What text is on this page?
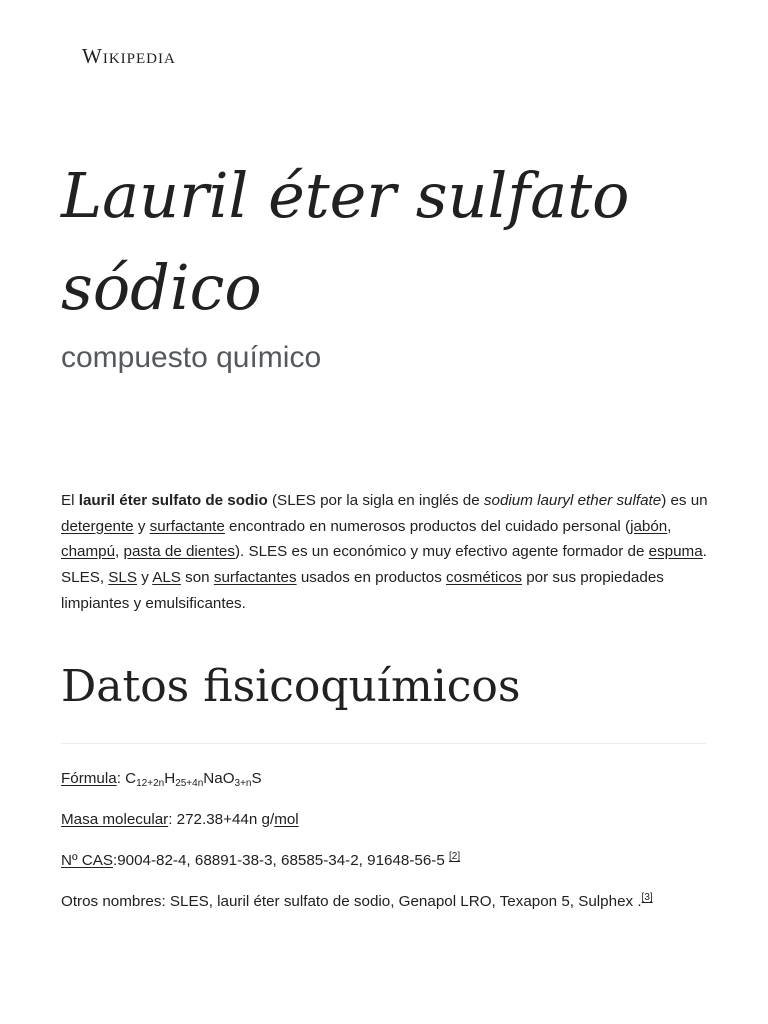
Wikipedia
Lauril éter sulfato
sódico
compuesto químico

El lauril éter sulfato de sodio (SLES por la sigla en inglés de sodium lauryl ether sulfate) es un detergente y surfactante encontrado en numerosos productos del cuidado personal (jabón, champú, pasta de dientes). SLES es un económico y muy efectivo agente formador de espuma. SLES, SLS y ALS son surfactantes usados en productos cosméticos por sus propiedades limpiantes y emulsificantes.

Datos fisicoquímicos

Fórmula: $C_{12+2n}H_{25+4n}NaO_{3+n}S$

Masa molecular: 272.38+44n g/mol

Nº CAS:9004-82-4, 68891-38-3, 68585-34-2, 91648-56-5 [2]

Otros nombres: SLES, lauril éter sulfato de sodio, Genapol LRO, Texapon 5, Sulphex .[3]
